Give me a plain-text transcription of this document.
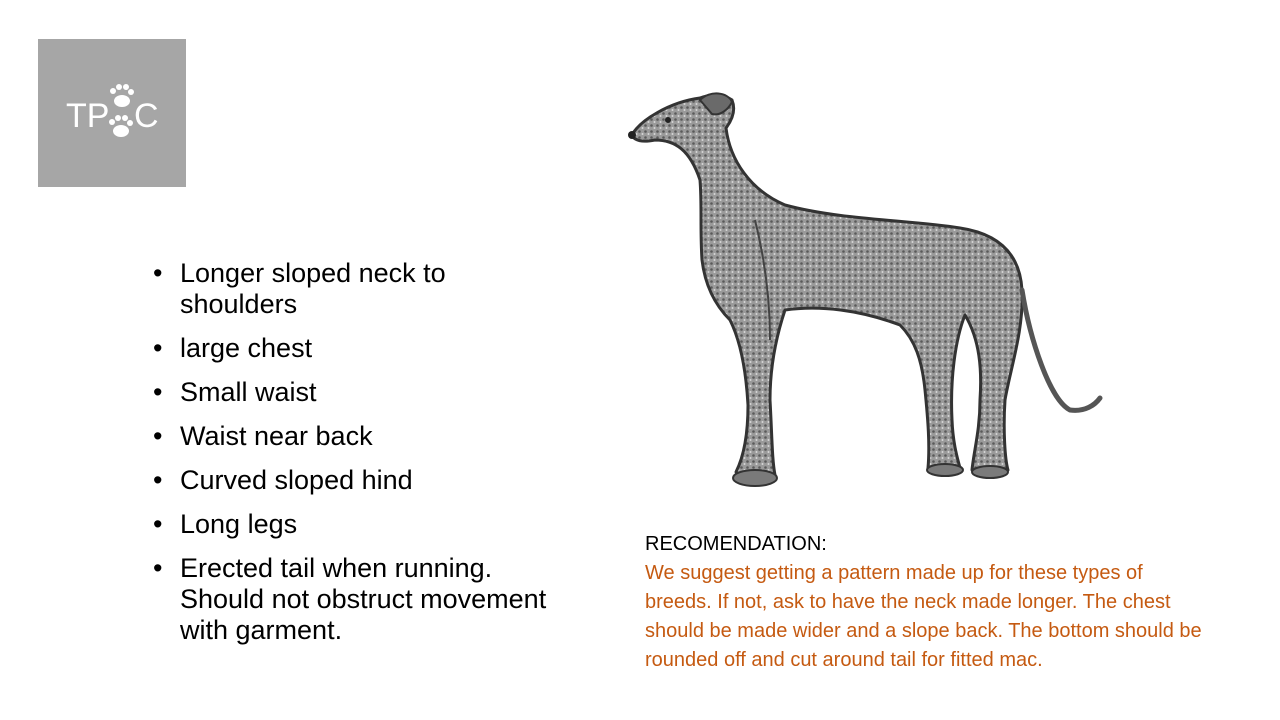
TP C
• Longer sloped neck to shoulders
• large chest
• Small waist
• Waist near back
• Curved sloped hind
• Long legs
• Erected tail when running. Should not obstruct movement with garment.
RECOMENDATION:
We suggest getting a pattern made up for these types of breeds. If not, ask to have the neck made longer. The chest should be made wider and a slope back. The bottom should be rounded off and cut around tail for fitted mac.
